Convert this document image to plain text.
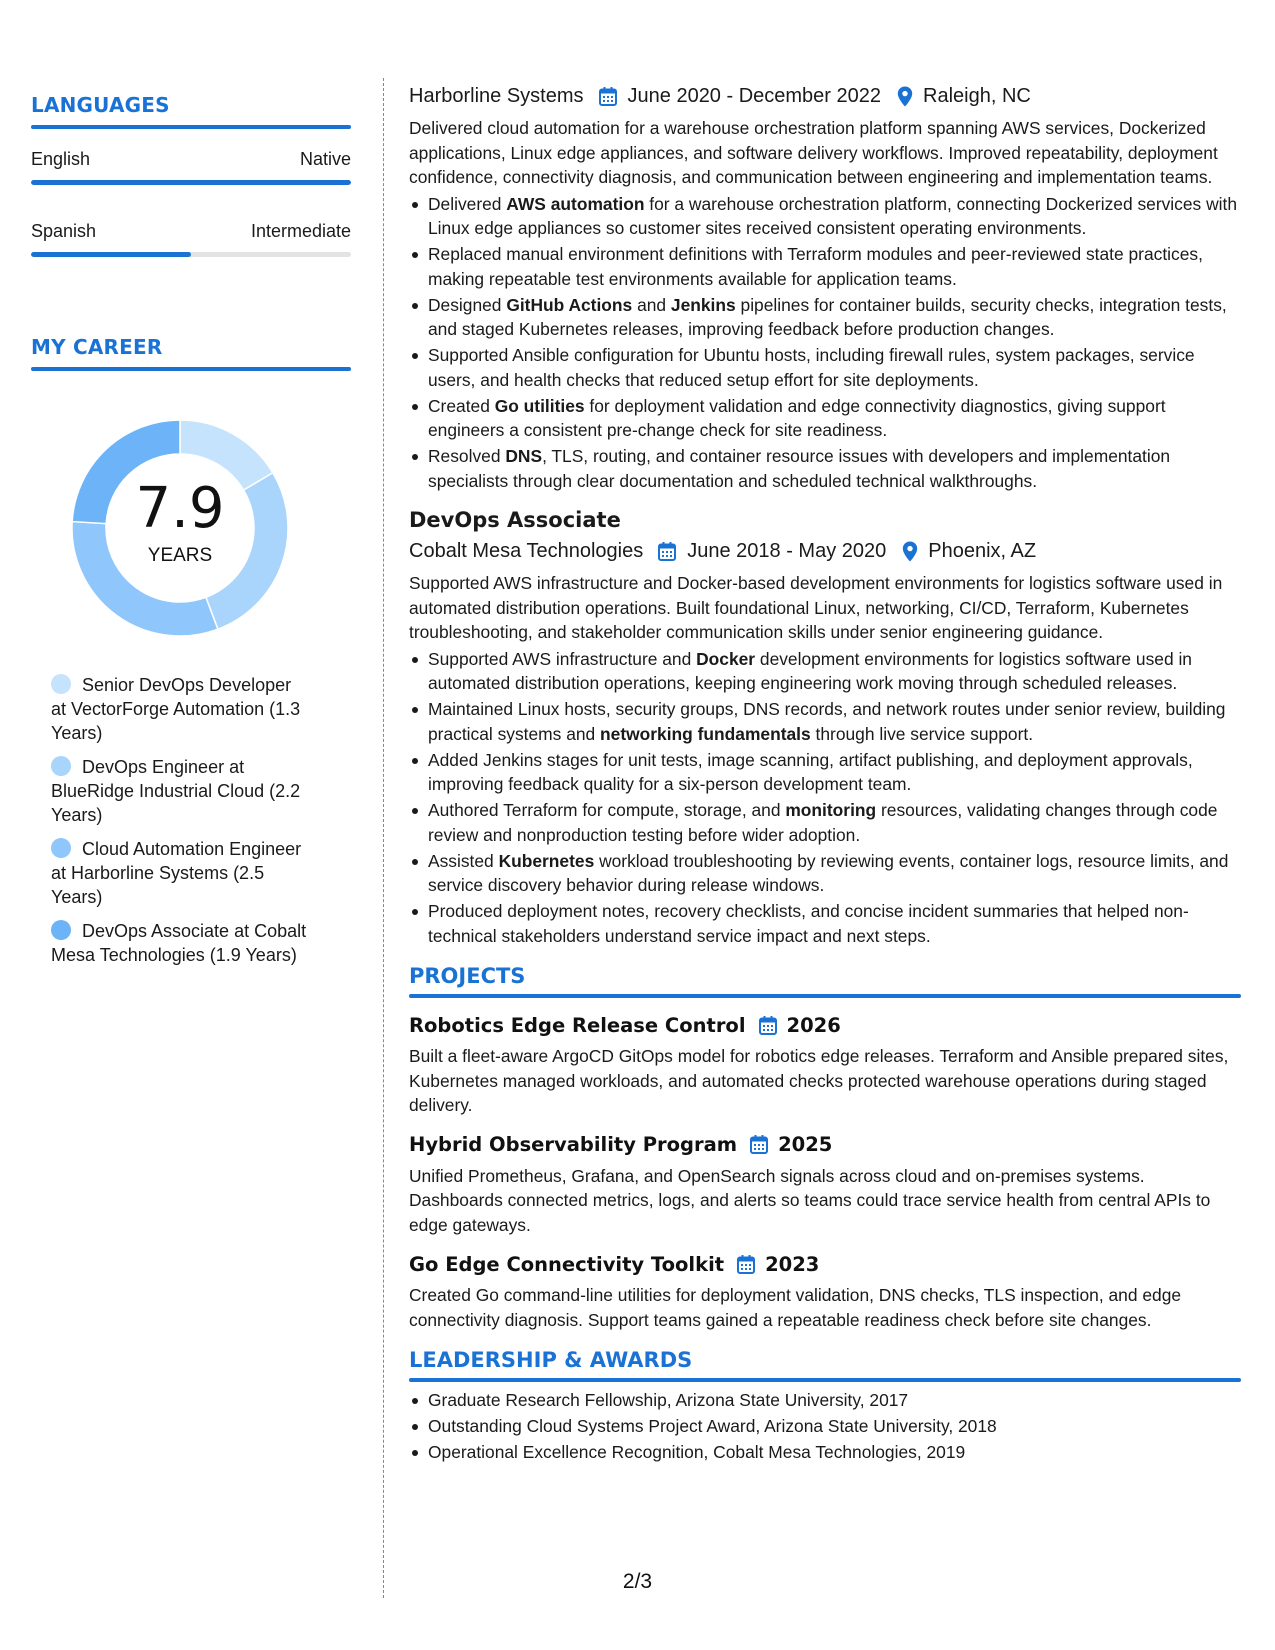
LANGUAGES
English	Native
Spanish	Intermediate
MY CAREER
7.9
YEARS
Senior DevOps Developer at VectorForge Automation (1.3 Years)
DevOps Engineer at BlueRidge Industrial Cloud (2.2 Years)
Cloud Automation Engineer at Harborline Systems (2.5 Years)
DevOps Associate at Cobalt Mesa Technologies (1.9 Years)
Harborline Systems June 2020 - December 2022 Raleigh, NC
Delivered cloud automation for a warehouse orchestration platform spanning AWS services, Dockerized applications, Linux edge appliances, and software delivery workflows. Improved repeatability, deployment confidence, connectivity diagnosis, and communication between engineering and implementation teams.
Delivered AWS automation for a warehouse orchestration platform, connecting Dockerized services with Linux edge appliances so customer sites received consistent operating environments.
Replaced manual environment definitions with Terraform modules and peer-reviewed state practices, making repeatable test environments available for application teams.
Designed GitHub Actions and Jenkins pipelines for container builds, security checks, integration tests, and staged Kubernetes releases, improving feedback before production changes.
Supported Ansible configuration for Ubuntu hosts, including firewall rules, system packages, service users, and health checks that reduced setup effort for site deployments.
Created Go utilities for deployment validation and edge connectivity diagnostics, giving support engineers a consistent pre-change check for site readiness.
Resolved DNS, TLS, routing, and container resource issues with developers and implementation specialists through clear documentation and scheduled technical walkthroughs.
DevOps Associate
Cobalt Mesa Technologies June 2018 - May 2020 Phoenix, AZ
Supported AWS infrastructure and Docker-based development environments for logistics software used in automated distribution operations. Built foundational Linux, networking, CI/CD, Terraform, Kubernetes troubleshooting, and stakeholder communication skills under senior engineering guidance.
Supported AWS infrastructure and Docker development environments for logistics software used in automated distribution operations, keeping engineering work moving through scheduled releases.
Maintained Linux hosts, security groups, DNS records, and network routes under senior review, building practical systems and networking fundamentals through live service support.
Added Jenkins stages for unit tests, image scanning, artifact publishing, and deployment approvals, improving feedback quality for a six-person development team.
Authored Terraform for compute, storage, and monitoring resources, validating changes through code review and nonproduction testing before wider adoption.
Assisted Kubernetes workload troubleshooting by reviewing events, container logs, resource limits, and service discovery behavior during release windows.
Produced deployment notes, recovery checklists, and concise incident summaries that helped non-technical stakeholders understand service impact and next steps.
PROJECTS
Robotics Edge Release Control 2026
Built a fleet-aware ArgoCD GitOps model for robotics edge releases. Terraform and Ansible prepared sites, Kubernetes managed workloads, and automated checks protected warehouse operations during staged delivery.
Hybrid Observability Program 2025
Unified Prometheus, Grafana, and OpenSearch signals across cloud and on-premises systems. Dashboards connected metrics, logs, and alerts so teams could trace service health from central APIs to edge gateways.
Go Edge Connectivity Toolkit 2023
Created Go command-line utilities for deployment validation, DNS checks, TLS inspection, and edge connectivity diagnosis. Support teams gained a repeatable readiness check before site changes.
LEADERSHIP & AWARDS
Graduate Research Fellowship, Arizona State University, 2017
Outstanding Cloud Systems Project Award, Arizona State University, 2018
Operational Excellence Recognition, Cobalt Mesa Technologies, 2019
2/3
